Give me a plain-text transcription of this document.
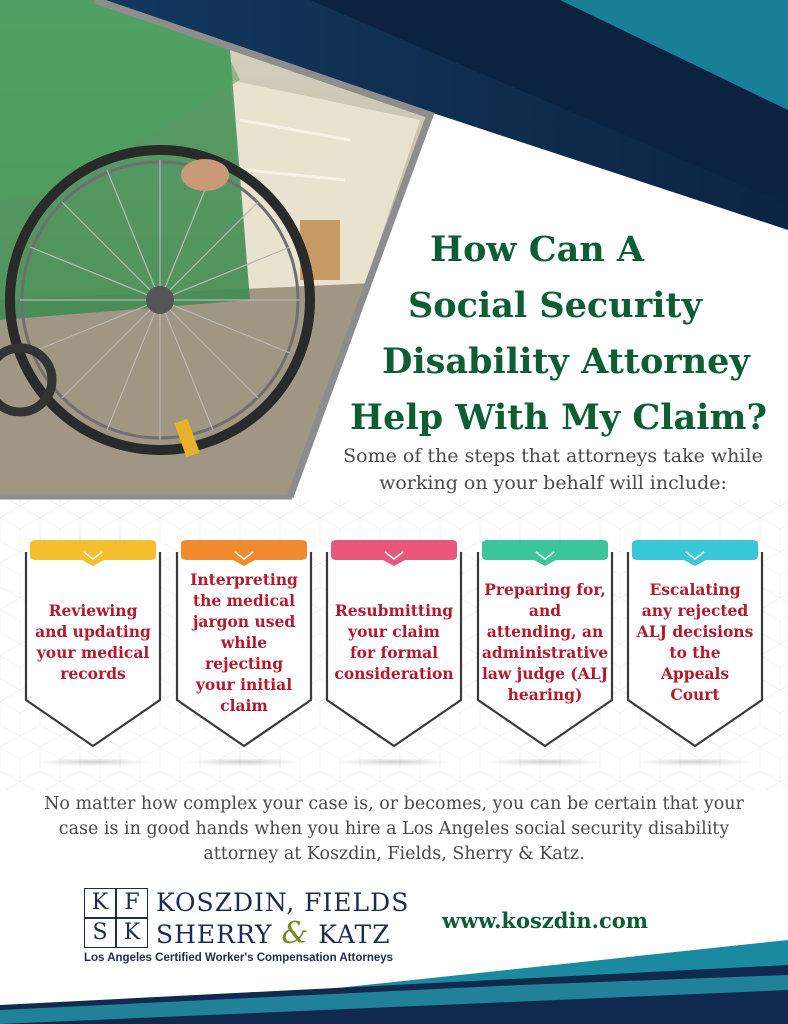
How Can A
Social Security
Disability Attorney
Help With My Claim?
Some of the steps that attorneys take while
working on your behalf will include:
Reviewing and updating your medical records
Interpreting the medical jargon used while rejecting your initial claim
Resubmitting your claim for formal consideration
Preparing for, and attending, an administrative law judge (ALJ hearing)
Escalating any rejected ALJ decisions to the Appeals Court
No matter how complex your case is, or becomes, you can be certain that your case is in good hands when you hire a Los Angeles social security disability attorney at Koszdin, Fields, Sherry & Katz.
K F
S K
KOSZDIN, FIELDS
SHERRY & KATZ
Los Angeles Certified Worker's Compensation Attorneys
www.koszdin.com
